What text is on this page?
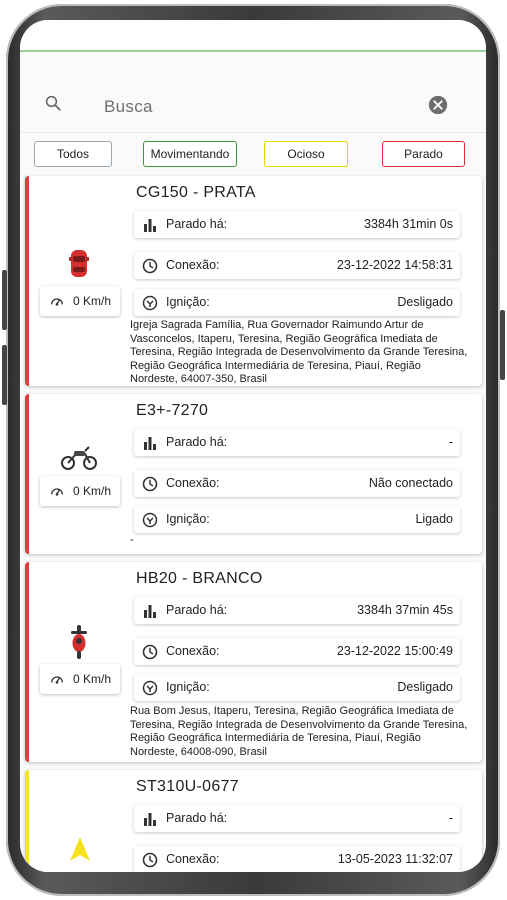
Busca
Todos	Movimentando	Ocioso	Parado
0 Km/h
CG150 - PRATA
Parado há:	3384h 31min 0s
Conexão:	23-12-2022 14:58:31
Ignição:	Desligado
Igreja Sagrada Família, Rua Governador Raimundo Artur de Vasconcelos, Itaperu, Teresina, Região Geográfica Imediata de Teresina, Região Integrada de Desenvolvimento da Grande Teresina, Região Geográfica Intermediária de Teresina, Piauí, Região Nordeste, 64007-350, Brasil
0 Km/h
E3+-7270
Parado há:	-
Conexão:	Não conectado
Ignição:	Ligado
-
0 Km/h
HB20 - BRANCO
Parado há:	3384h 37min 45s
Conexão:	23-12-2022 15:00:49
Ignição:	Desligado
Rua Bom Jesus, Itaperu, Teresina, Região Geográfica Imediata de Teresina, Região Integrada de Desenvolvimento da Grande Teresina, Região Geográfica Intermediária de Teresina, Piauí, Região Nordeste, 64008-090, Brasil
ST310U-0677
Parado há:	-
Conexão:	13-05-2023 11:32:07
